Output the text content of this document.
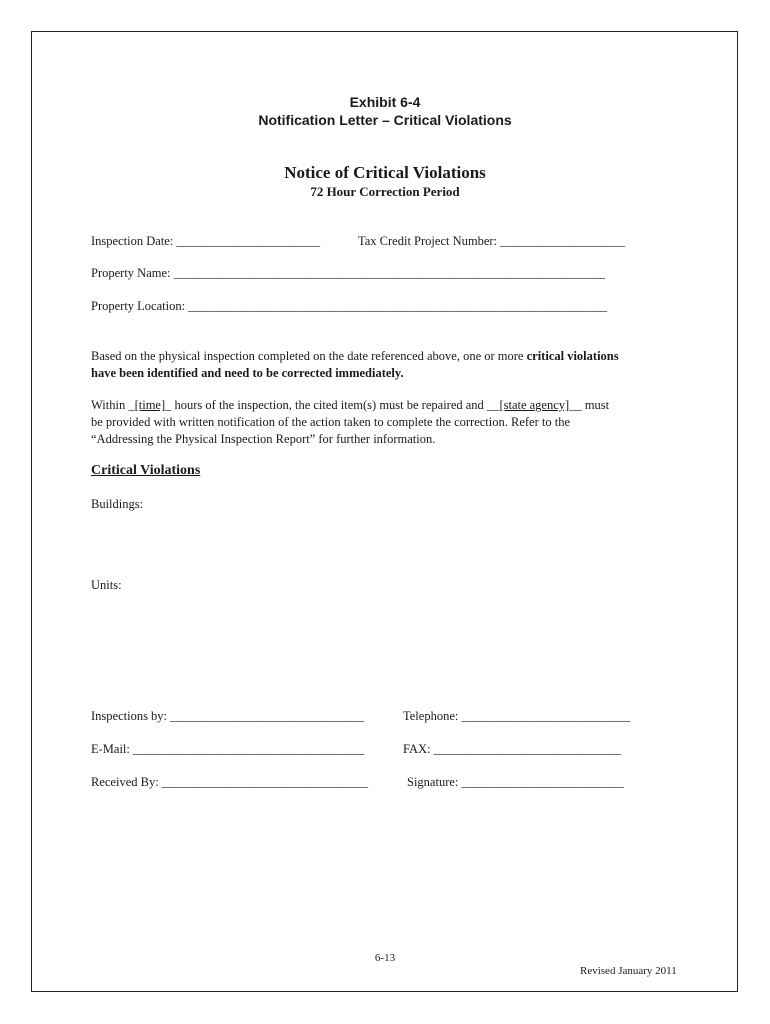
Exhibit 6-4
Notification Letter – Critical Violations
Notice of Critical Violations
72 Hour Correction Period
Inspection Date: _______________________	Tax Credit Project Number: ____________________
Property Name: _____________________________________________________________________
Property Location: ___________________________________________________________________
Based on the physical inspection completed on the date referenced above, one or more critical violations
have been identified and need to be corrected immediately.
Within _[time]_ hours of the inspection, the cited item(s) must be repaired and __[state agency]__ must
be provided with written notification of the action taken to complete the correction. Refer to the
“Addressing the Physical Inspection Report” for further information.
Critical Violations
Buildings:
Units:
Inspections by: _______________________________	Telephone: ___________________________
E-Mail: _____________________________________	FAX: ______________________________
Received By: _________________________________	Signature: __________________________
6-13
Revised January 2011
